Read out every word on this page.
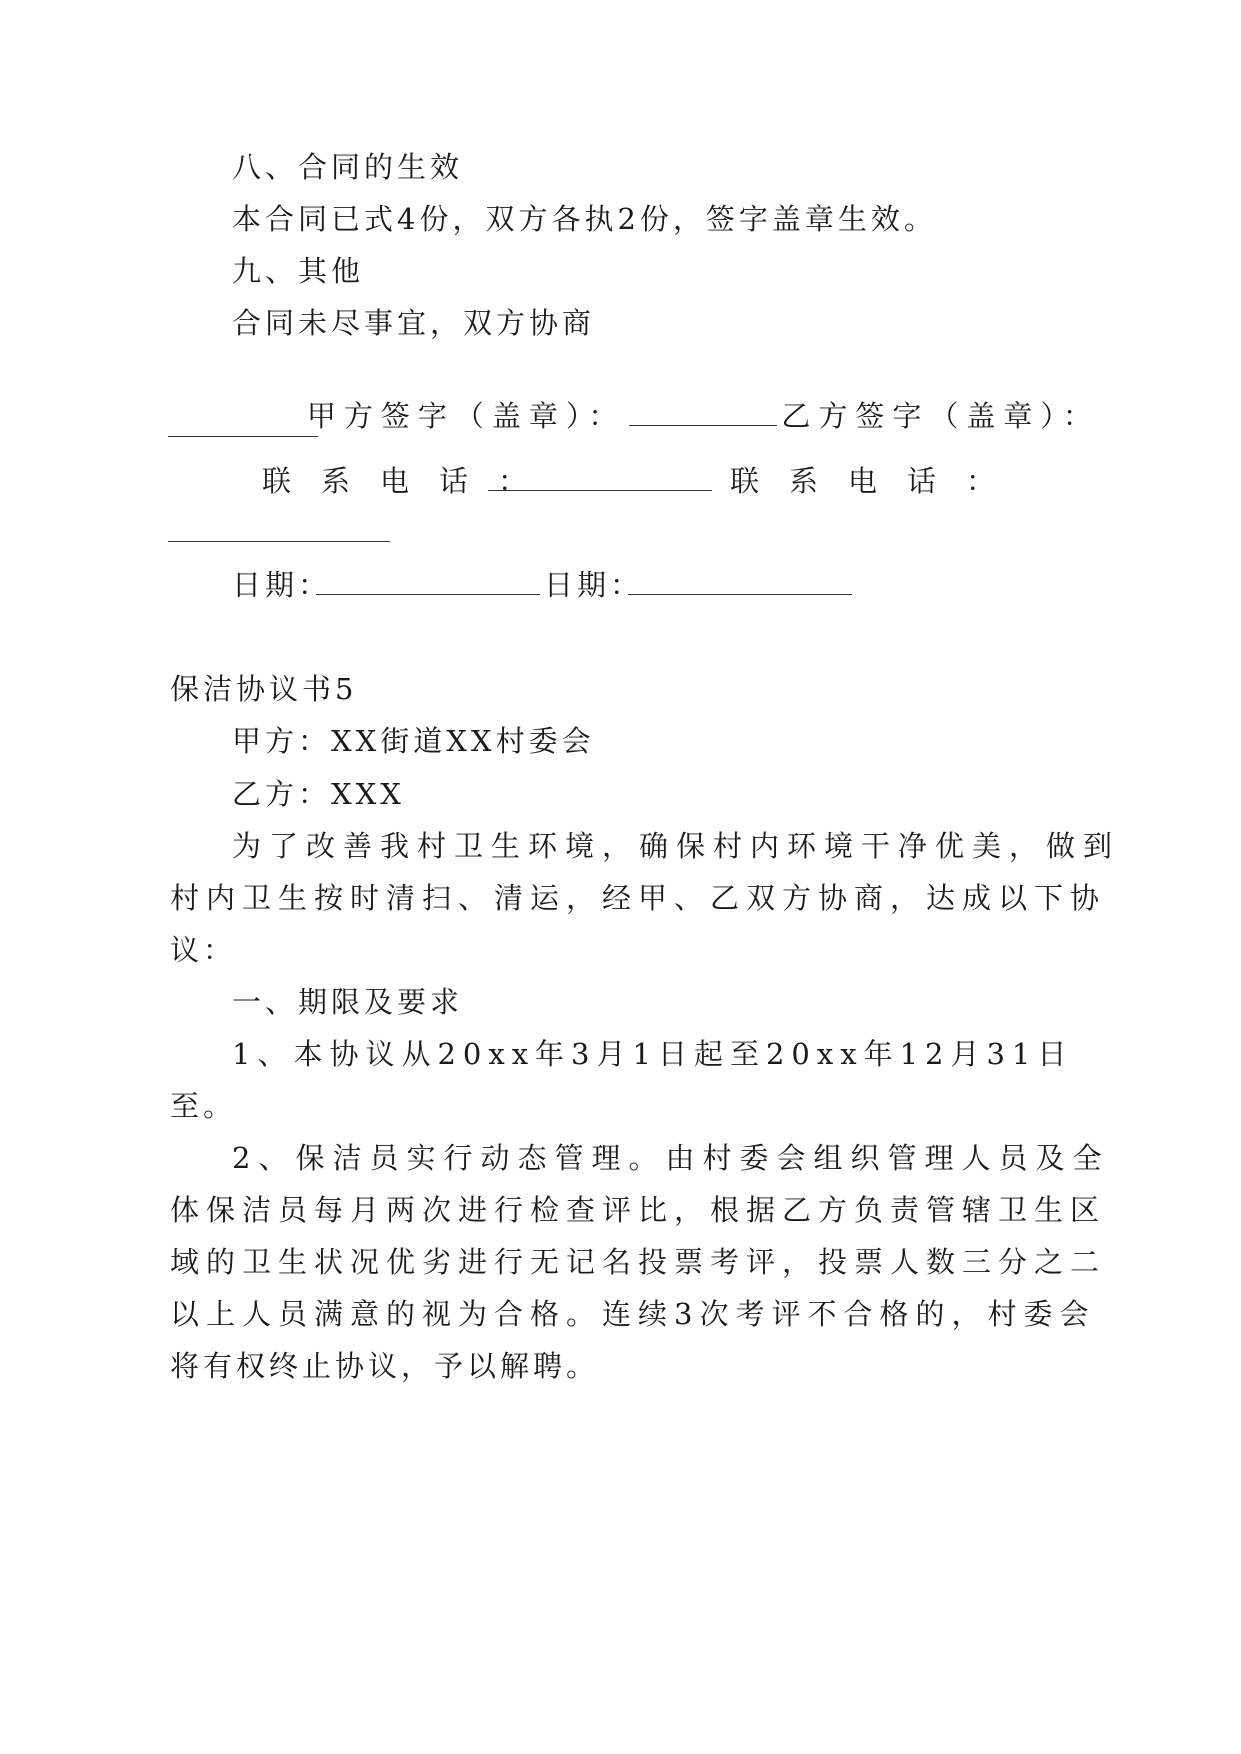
八、合同的生效
本合同已式4份，双方各执2份，签字盖章生效。
九、其他
合同未尽事宜，双方协商

甲方签字（盖章）：	乙方签字（盖章）：

联系电话：	联系电话：
日期：	日期：
保洁协议书5
甲方：XX街道XX村委会
乙方：XXX
为了改善我村卫生环境，确保村内环境干净优美，做到
村内卫生按时清扫、清运，经甲、乙双方协商，达成以下协
议：
一、期限及要求
1、本协议从20xx年3月1日起至20xx年12月31日
至。
2、保洁员实行动态管理。由村委会组织管理人员及全
体保洁员每月两次进行检查评比，根据乙方负责管辖卫生区
域的卫生状况优劣进行无记名投票考评，投票人数三分之二
以上人员满意的视为合格。连续3次考评不合格的，村委会
将有权终止协议，予以解聘。
